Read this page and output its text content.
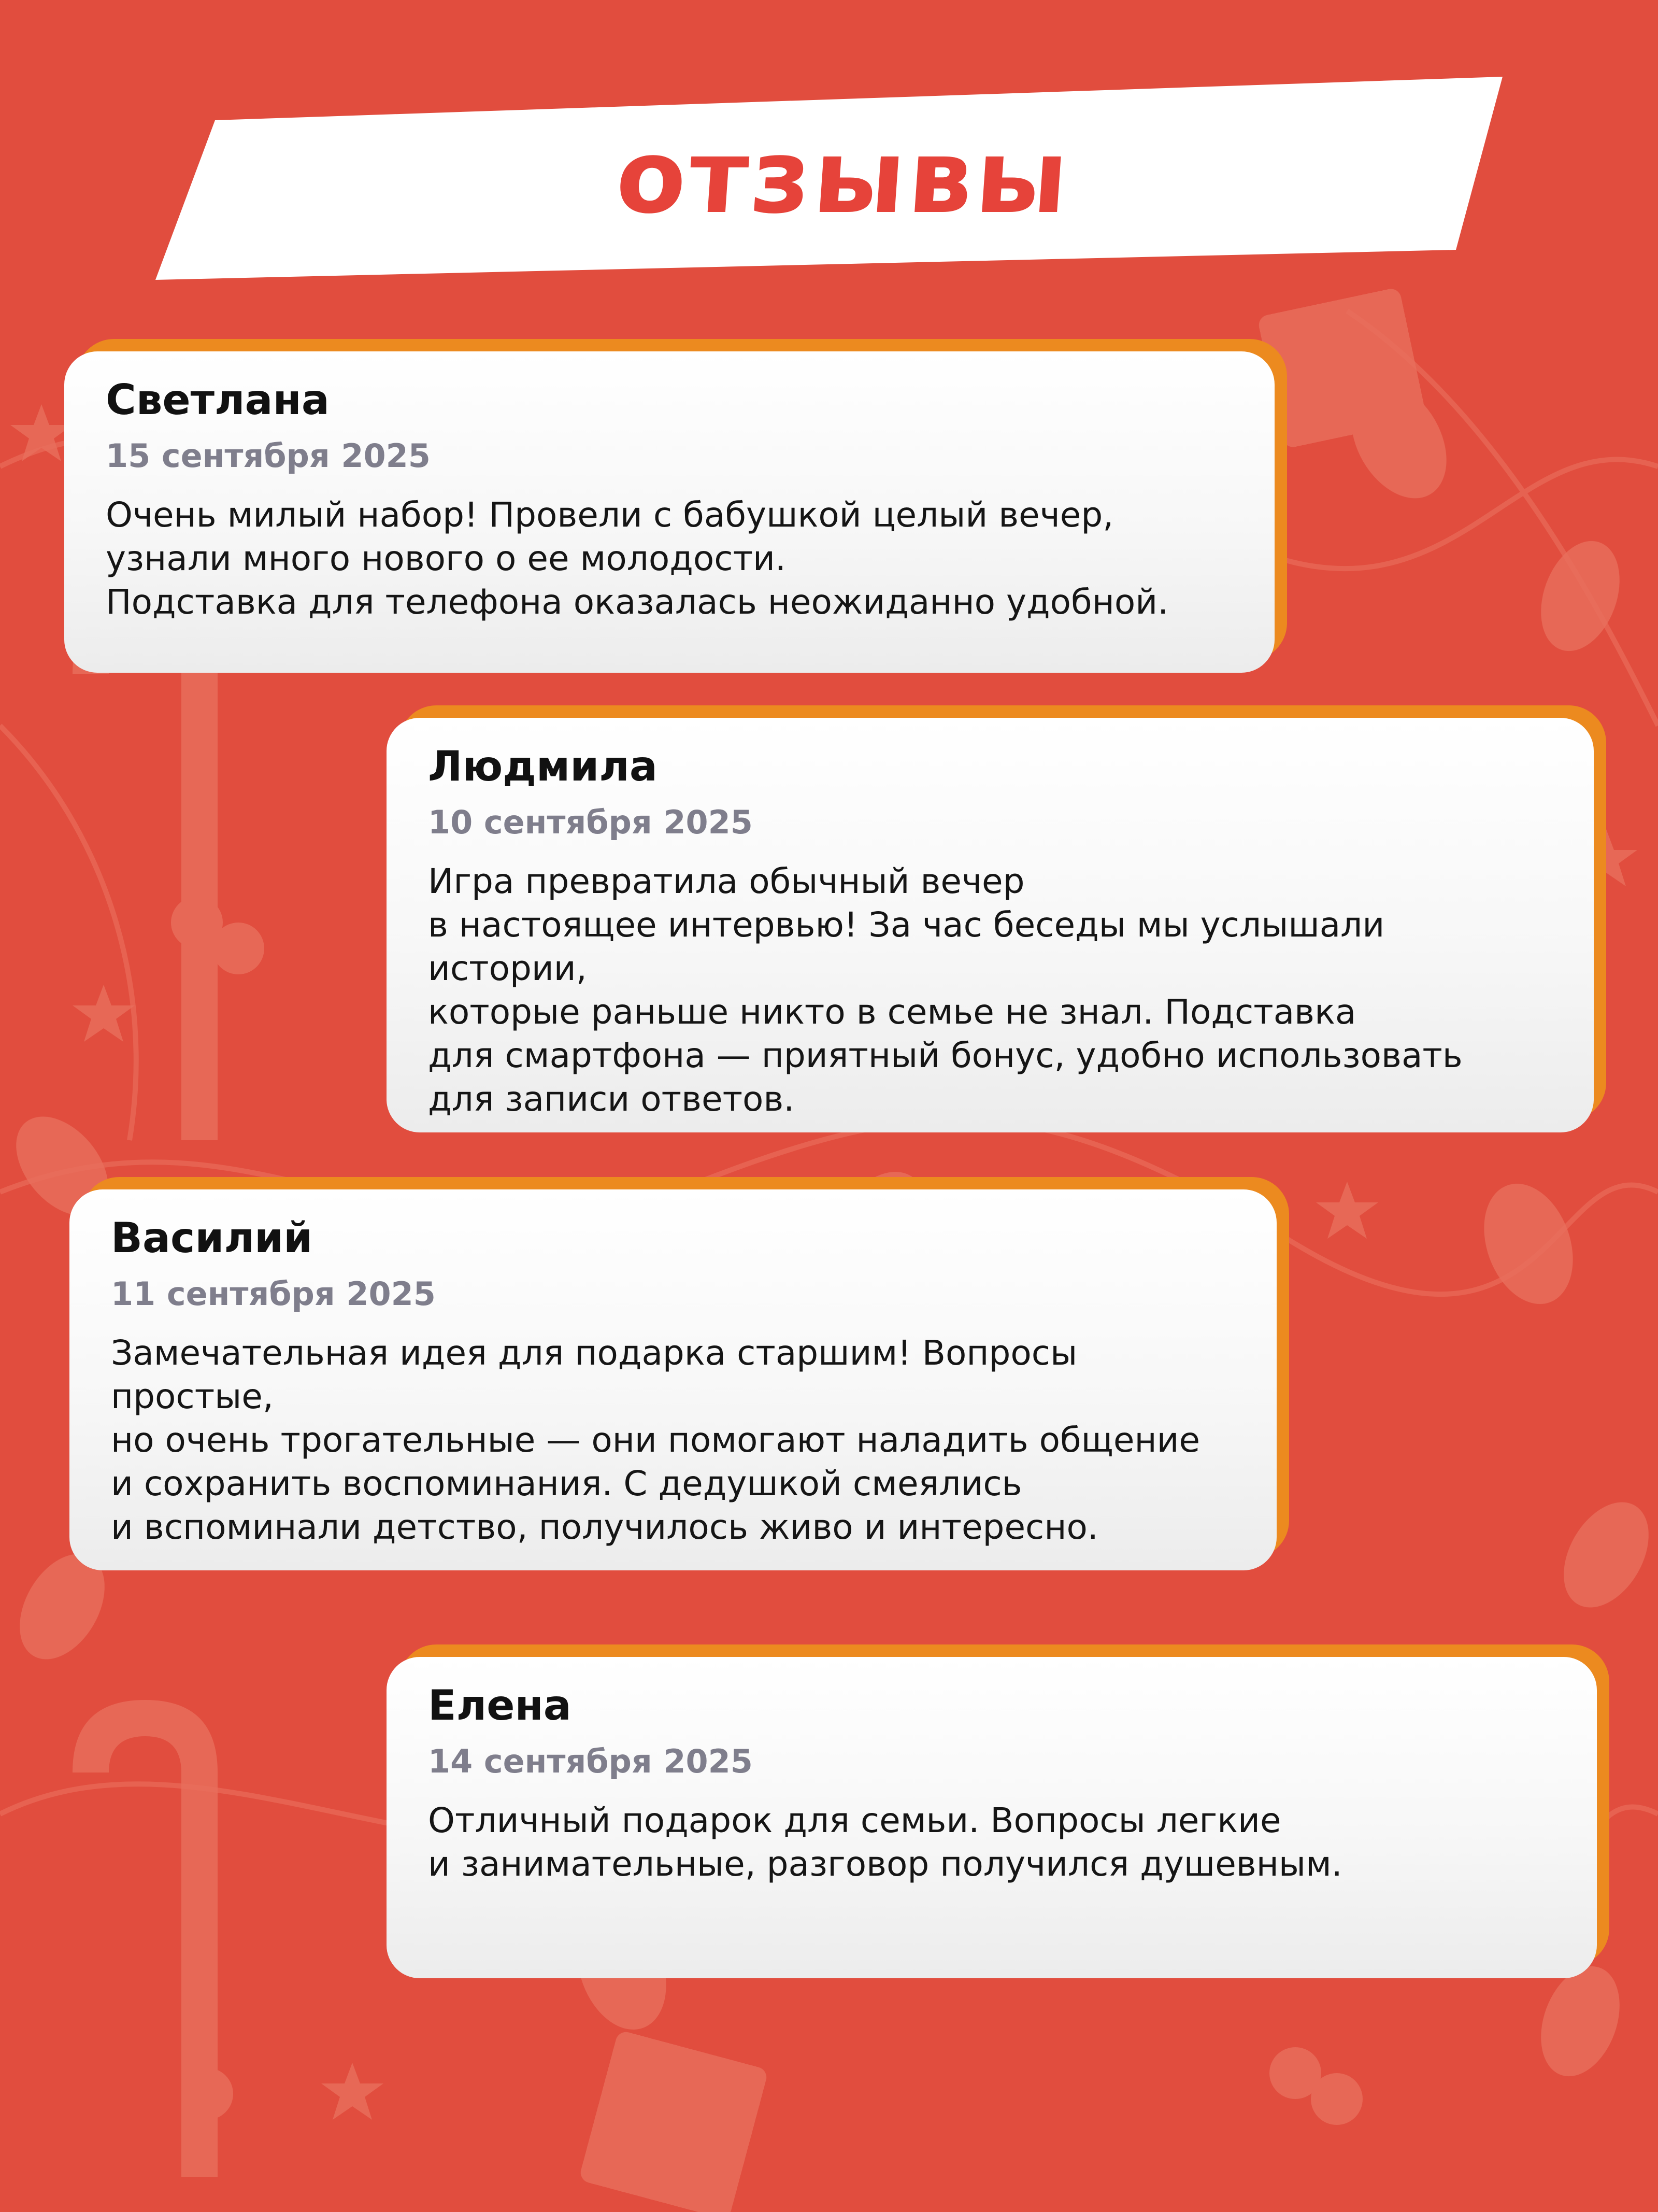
отзывы
Светлана
15 сентября 2025
Очень милый набор! Провели с бабушкой целый вечер,
узнали много нового о ее молодости.
Подставка для телефона оказалась неожиданно удобной.
Людмила
10 сентября 2025
Игра превратила обычный вечер
в настоящее интервью! За час беседы мы услышали истории,
которые раньше никто в семье не знал. Подставка
для смартфона — приятный бонус, удобно использовать
для записи ответов.
Василий
11 сентября 2025
Замечательная идея для подарка старшим! Вопросы простые,
но очень трогательные — они помогают наладить общение
и сохранить воспоминания. С дедушкой смеялись
и вспоминали детство, получилось живо и интересно.
Елена
14 сентября 2025
Отличный подарок для семьи. Вопросы легкие
и занимательные, разговор получился душевным.
